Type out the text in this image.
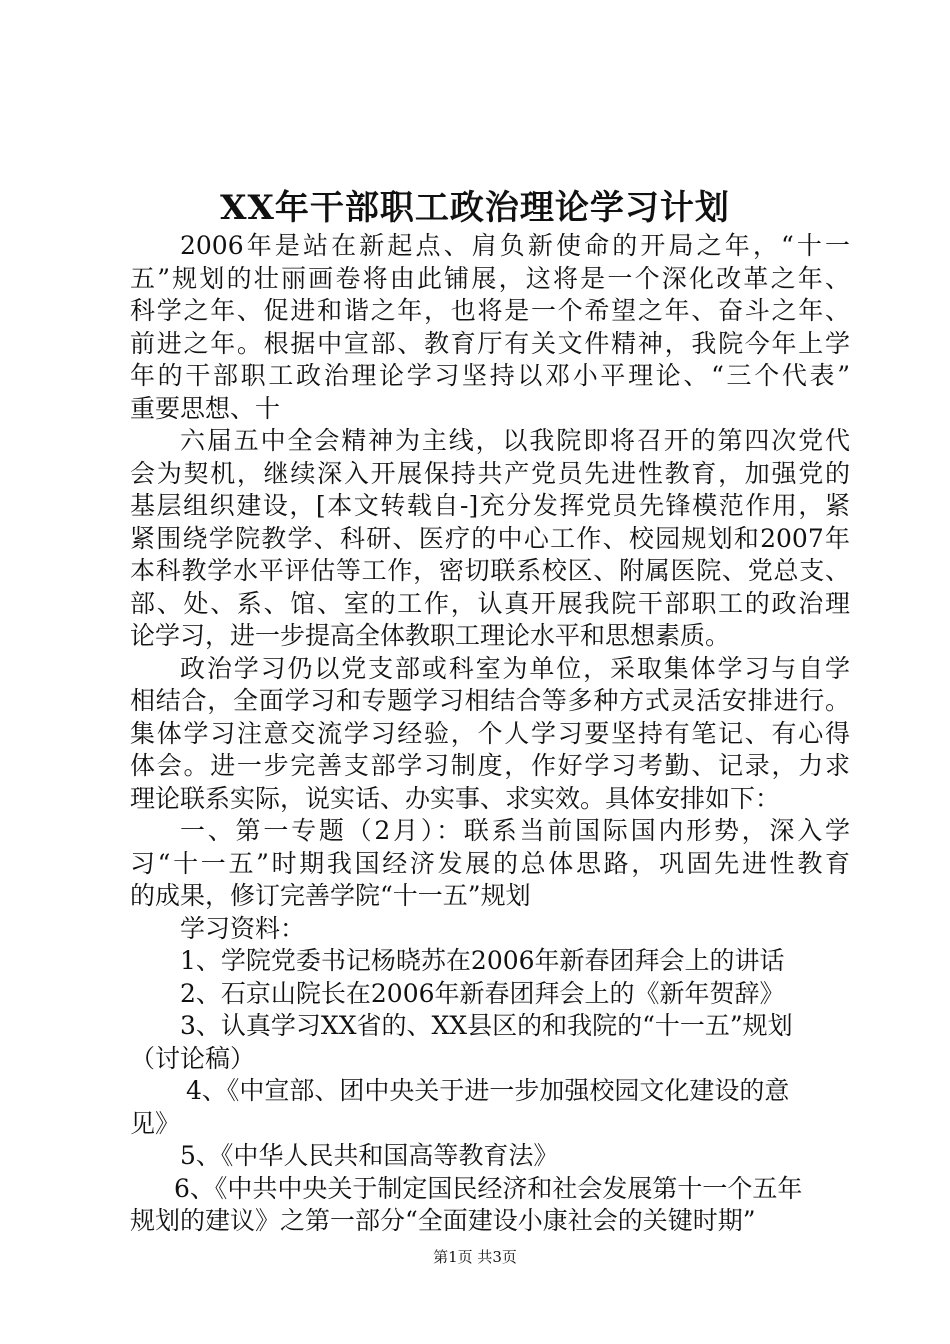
XX年干部职工政治理论学习计划
2006年是站在新起点、肩负新使命的开局之年，“十一
五”规划的壮丽画卷将由此铺展，这将是一个深化改革之年、
科学之年、促进和谐之年，也将是一个希望之年、奋斗之年、
前进之年。根据中宣部、教育厅有关文件精神，我院今年上学
年的干部职工政治理论学习坚持以邓小平理论、“三个代表”
重要思想、十
六届五中全会精神为主线，以我院即将召开的第四次党代
会为契机，继续深入开展保持共产党员先进性教育，加强党的
基层组织建设，[本文转载自-]充分发挥党员先锋模范作用，紧
紧围绕学院教学、科研、医疗的中心工作、校园规划和2007年
本科教学水平评估等工作，密切联系校区、附属医院、党总支、
部、处、系、馆、室的工作，认真开展我院干部职工的政治理
论学习，进一步提高全体教职工理论水平和思想素质。
政治学习仍以党支部或科室为单位，采取集体学习与自学
相结合，全面学习和专题学习相结合等多种方式灵活安排进行。
集体学习注意交流学习经验，个人学习要坚持有笔记、有心得
体会。进一步完善支部学习制度，作好学习考勤、记录，力求
理论联系实际，说实话、办实事、求实效。具体安排如下：
一、第一专题（2月）：联系当前国际国内形势，深入学
习“十一五”时期我国经济发展的总体思路，巩固先进性教育
的成果，修订完善学院“十一五”规划
学习资料：
1、学院党委书记杨晓苏在2006年新春团拜会上的讲话
2、石京山院长在2006年新春团拜会上的《新年贺辞》
3、认真学习XX省的、XX县区的和我院的“十一五”规划
（讨论稿）
4、《中宣部、团中央关于进一步加强校园文化建设的意
见》
5、《中华人民共和国高等教育法》
6、《中共中央关于制定国民经济和社会发展第十一个五年
规划的建议》之第一部分“全面建设小康社会的关键时期”
第1页 共3页
